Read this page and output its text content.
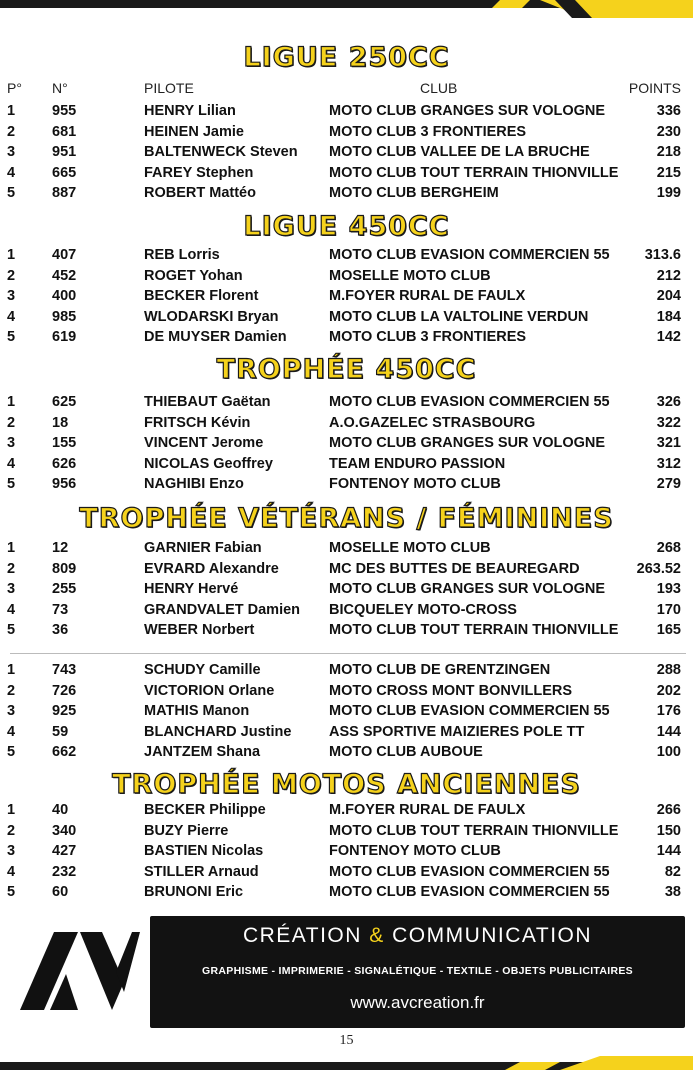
P° N°	PILOTE	CLUB	POINTS
LIGUE 250CC
1	955	HENRY Lilian	MOTO CLUB GRANGES SUR VOLOGNE	336
2	681	HEINEN Jamie	MOTO CLUB 3 FRONTIERES	230
3	951	BALTENWECK Steven MOTO CLUB VALLEE DE LA BRUCHE	218
4	665	FAREY Stephen	MOTO CLUB TOUT TERRAIN THIONVILLE	215
5	887	ROBERT Mattéo	MOTO CLUB BERGHEIM	199
LIGUE 450CC
1	407	REB Lorris	MOTO CLUB EVASION COMMERCIEN 55 313.6
2	452	ROGET Yohan	MOSELLE MOTO CLUB	212
3	400	BECKER Florent	M.FOYER RURAL DE FAULX	204
4	985	WLODARSKI Bryan	MOTO CLUB LA VALTOLINE VERDUN	184
5	619	DE MUYSER Damien	MOTO CLUB 3 FRONTIERES	142
TROPHÉE 450CC
1	625	THIEBAUT Gaëtan	MOTO CLUB EVASION COMMERCIEN 55	326
2	18	FRITSCH Kévin	A.O.GAZELEC STRASBOURG	322
3	155	VINCENT Jerome	MOTO CLUB GRANGES SUR VOLOGNE	321
4	626	NICOLAS Geoffrey	TEAM ENDURO PASSION	312
5	956	NAGHIBI Enzo	FONTENOY MOTO CLUB	279
TROPHÉE VÉTÉRANS / FÉMININES
1	12	GARNIER Fabian	MOSELLE MOTO CLUB	268
2	809	EVRARD Alexandre	MC DES BUTTES DE BEAUREGARD	263.52
3	255	HENRY Hervé	MOTO CLUB GRANGES SUR VOLOGNE	193
4	73	GRANDVALET Damien BICQUELEY MOTO-CROSS	170
5	36	WEBER Norbert	MOTO CLUB TOUT TERRAIN THIONVILLE	165
1	743	SCHUDY Camille	MOTO CLUB DE GRENTZINGEN	288
2	726	VICTORION Orlane	MOTO CROSS MONT BONVILLERS	202
3	925	MATHIS Manon	MOTO CLUB EVASION COMMERCIEN 55	176
4	59	BLANCHARD Justine	ASS SPORTIVE MAIZIERES POLE TT	144
5	662	JANTZEM Shana	MOTO CLUB AUBOUE	100
TROPHÉE MOTOS ANCIENNES
1	40	BECKER Philippe	M.FOYER RURAL DE FAULX	266
2	340	BUZY Pierre	MOTO CLUB TOUT TERRAIN THIONVILLE	150
3	427	BASTIEN Nicolas	FONTENOY MOTO CLUB	144
4	232	STILLER Arnaud	MOTO CLUB EVASION COMMERCIEN 55	82
5	60	BRUNONI Eric	MOTO CLUB EVASION COMMERCIEN 55	38
CRÉATION & COMMUNICATION
GRAPHISME - IMPRIMERIE - SIGNALÉTIQUE - TEXTILE - OBJETS PUBLICITAIRES
www.avcreation.fr
15
